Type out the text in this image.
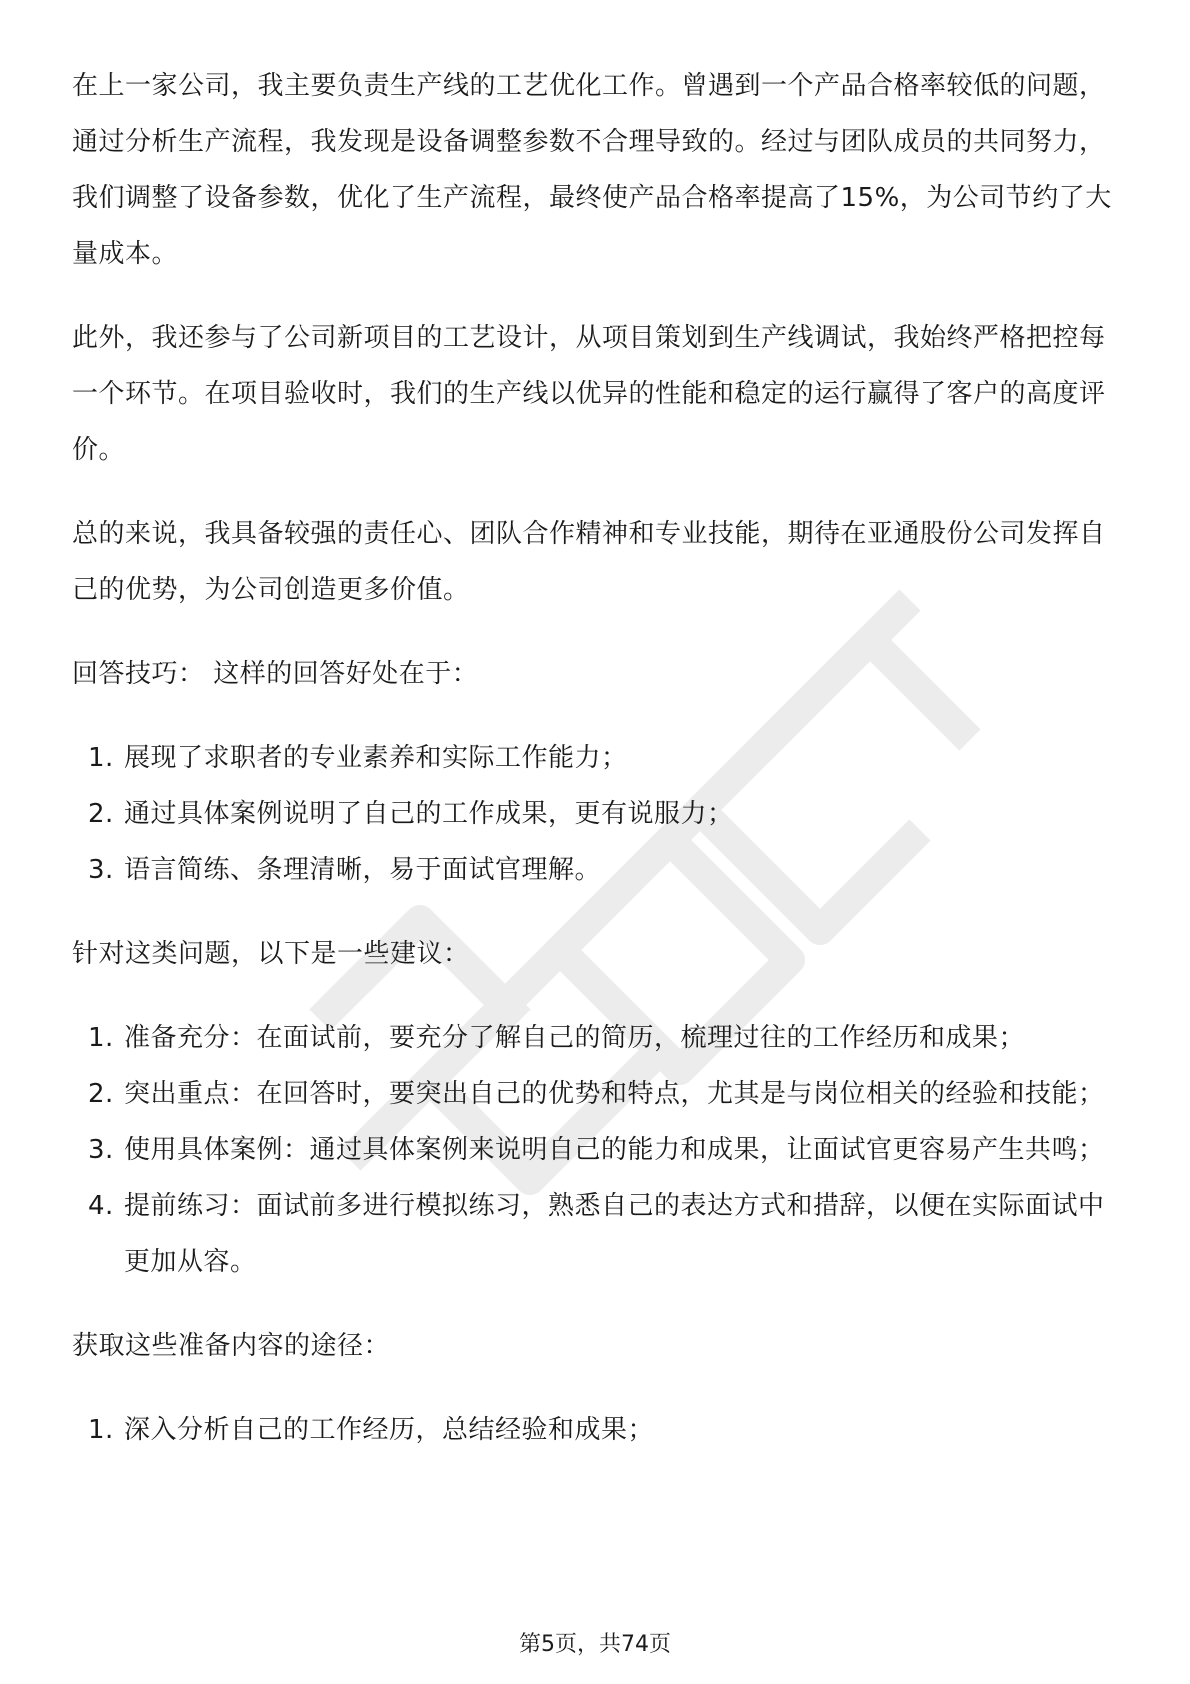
在上一家公司，我主要负责生产线的工艺优化工作。曾遇到一个产品合格率较低的问题，通过分析生产流程，我发现是设备调整参数不合理导致的。经过与团队成员的共同努力，我们调整了设备参数，优化了生产流程，最终使产品合格率提高了15%，为公司节约了大量成本。

此外，我还参与了公司新项目的工艺设计，从项目策划到生产线调试，我始终严格把控每一个环节。在项目验收时，我们的生产线以优异的性能和稳定的运行赢得了客户的高度评价。

总的来说，我具备较强的责任心、团队合作精神和专业技能，期待在亚通股份公司发挥自己的优势，为公司创造更多价值。

回答技巧： 这样的回答好处在于：

1. 展现了求职者的专业素养和实际工作能力；
2. 通过具体案例说明了自己的工作成果，更有说服力；
3. 语言简练、条理清晰，易于面试官理解。

针对这类问题，以下是一些建议：

1. 准备充分：在面试前，要充分了解自己的简历，梳理过往的工作经历和成果；
2. 突出重点：在回答时，要突出自己的优势和特点，尤其是与岗位相关的经验和技能；
3. 使用具体案例：通过具体案例来说明自己的能力和成果，让面试官更容易产生共鸣；
4. 提前练习：面试前多进行模拟练习，熟悉自己的表达方式和措辞，以便在实际面试中更加从容。

获取这些准备内容的途径：

1. 深入分析自己的工作经历，总结经验和成果；
第5页，共74页
